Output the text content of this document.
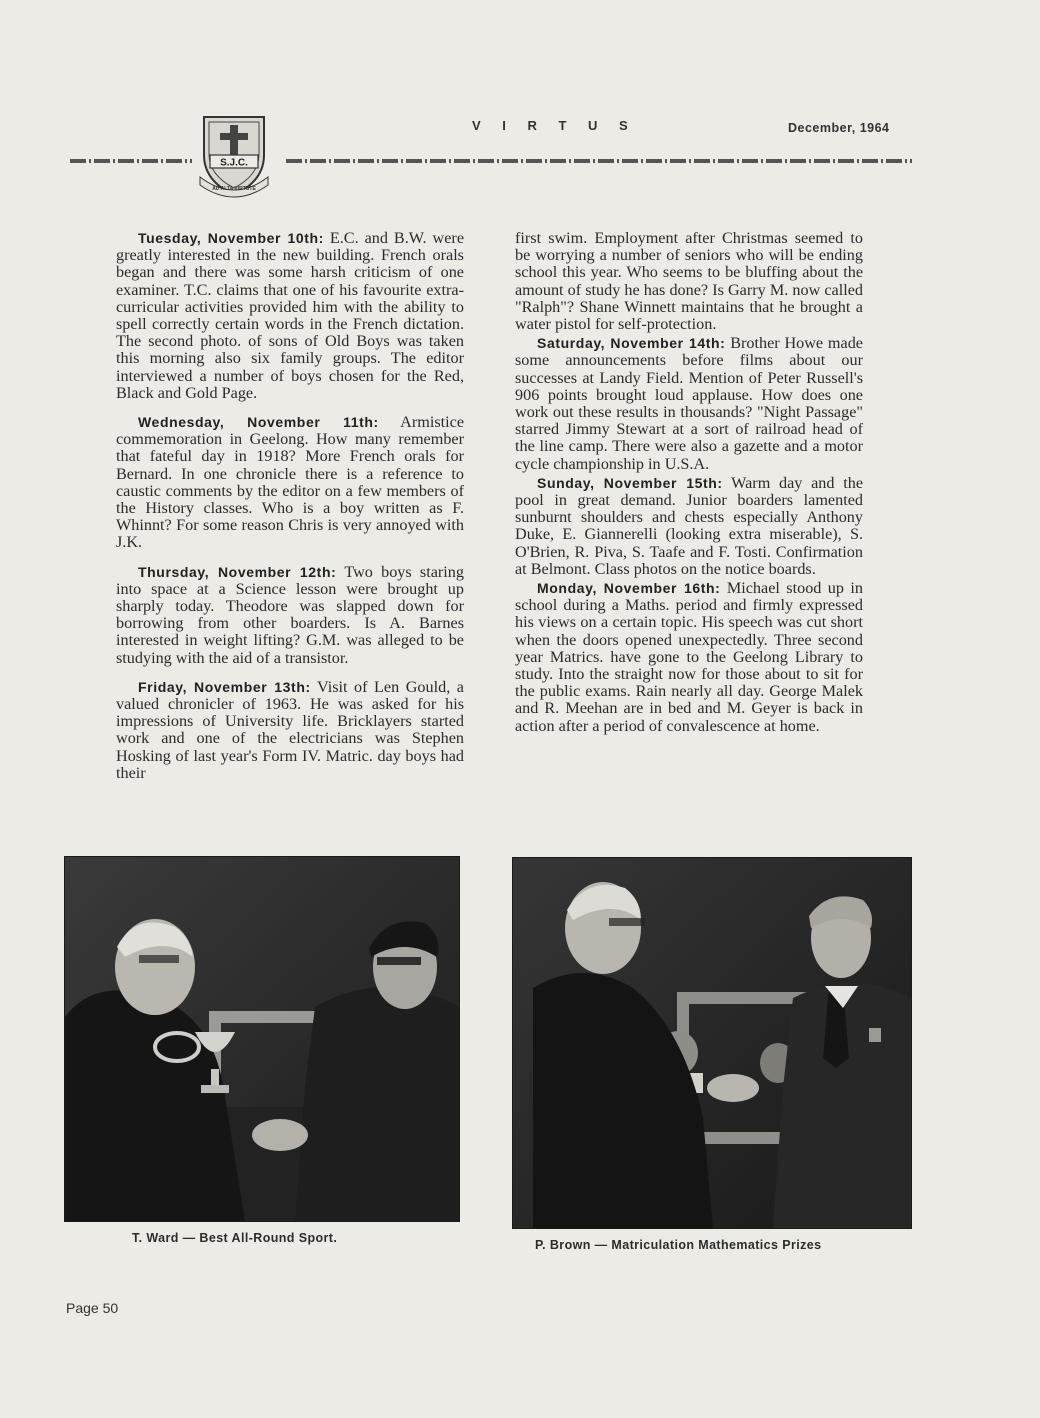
S.J.C.
AD ALTA VIRTUTE
V I R T U S	December, 1964

Tuesday, November 10th: E.C. and B.W. were greatly interested in the new building. French orals began and there was some harsh criticism of one examiner. T.C. claims that one of his favourite extra-curricular activities provided him with the ability to spell correctly certain words in the French dictation. The second photo. of sons of Old Boys was taken this morning also six family groups. The editor interviewed a number of boys chosen for the Red, Black and Gold Page.

Wednesday, November 11th: Armistice commemoration in Geelong. How many remember that fateful day in 1918? More French orals for Bernard. In one chronicle there is a reference to caustic comments by the editor on a few members of the History classes. Who is a boy written as F. Whinnt? For some reason Chris is very annoyed with J.K.

Thursday, November 12th: Two boys staring into space at a Science lesson were brought up sharply today. Theodore was slapped down for borrowing from other boarders. Is A. Barnes interested in weight lifting? G.M. was alleged to be studying with the aid of a transistor.

Friday, November 13th: Visit of Len Gould, a valued chronicler of 1963. He was asked for his impressions of University life. Bricklayers started work and one of the electricians was Stephen Hosking of last year's Form IV. Matric. day boys had their

first swim. Employment after Christmas seemed to be worrying a number of seniors who will be ending school this year. Who seems to be bluffing about the amount of study he has done? Is Garry M. now called "Ralph"? Shane Winnett maintains that he brought a water pistol for self-protection.

Saturday, November 14th: Brother Howe made some announcements before films about our successes at Landy Field. Mention of Peter Russell's 906 points brought loud applause. How does one work out these results in thousands? "Night Passage" starred Jimmy Stewart at a sort of railroad head of the line camp. There were also a gazette and a motor cycle championship in U.S.A.

Sunday, November 15th: Warm day and the pool in great demand. Junior boarders lamented sunburnt shoulders and chests especially Anthony Duke, E. Giannerelli (looking extra miserable), S. O'Brien, R. Piva, S. Taafe and F. Tosti. Confirmation at Belmont. Class photos on the notice boards.

Monday, November 16th: Michael stood up in school during a Maths. period and firmly expressed his views on a certain topic. His speech was cut short when the doors opened unexpectedly. Three second year Matrics. have gone to the Geelong Library to study. Into the straight now for those about to sit for the public exams. Rain nearly all day. George Malek and R. Meehan are in bed and M. Geyer is back in action after a period of convalescence at home.

T. Ward — Best All-Round Sport.	P. Brown — Matriculation Mathematics Prizes
Page 50
